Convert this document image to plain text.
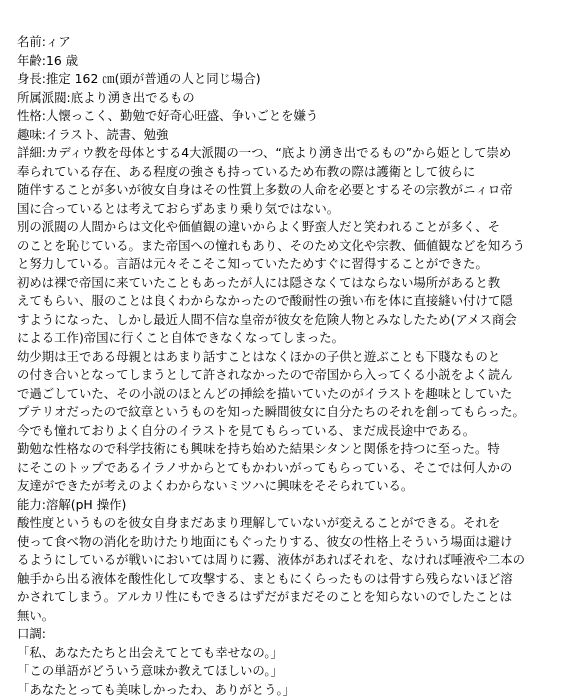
名前:ィア
年齢:16 歳
身長:推定 162 ㎝(頭が普通の人と同じ場合)
所属派閥:底より湧き出でるもの
性格:人懐っこく、勤勉で好奇心旺盛、争いごとを嫌う
趣味:イラスト、読書、勉強
詳細:カディウ教を母体とする4大派閥の一つ、“底より湧き出でるもの”から姫として崇め
奉られている存在、ある程度の強さも持っているため布教の際は護衛として彼らに
随伴することが多いが彼女自身はその性質上多数の人命を必要とするその宗教がニィロ帝
国に合っているとは考えておらずあまり乗り気ではない。
別の派閥の人間からは文化や価値観の違いからよく野蛮人だと笑われることが多く、そ
のことを恥じている。また帝国への憧れもあり、そのため文化や宗教、価値観などを知ろう
と努力している。言語は元々そこそこ知っていたためすぐに習得することができた。
初めは裸で帝国に来ていたこともあったが人には隠さなくてはならない場所があると教
えてもらい、服のことは良くわからなかったので酸耐性の強い布を体に直接縫い付けて隠
すようになった、しかし最近人間不信な皇帝が彼女を危険人物とみなしたため(アメス商会
による工作)帝国に行くこと自体できなくなってしまった。
幼少期は王である母親とはあまり話すことはなくほかの子供と遊ぶことも下賤なものと
の付き合いとなってしまうとして許されなかったので帝国から入ってくる小説をよく読ん
で過ごしていた、その小説のほとんどの挿絵を描いていたのがイラストを趣味としていた
プテリオだったので紋章というものを知った瞬間彼女に自分たちのそれを創ってもらった。
今でも憧れておりよく自分のイラストを見てもらっている、まだ成長途中である。
勤勉な性格なので科学技術にも興味を持ち始めた結果シタンと関係を持つに至った。特
にそこのトップであるイラノサからとてもかわいがってもらっている、そこでは何人かの
友達ができたが考えのよくわからないミツハに興味をそそられている。
能力:溶解(pH 操作)
酸性度というものを彼女自身まだあまり理解していないが変えることができる。それを
使って食べ物の消化を助けたり地面にもぐったりする、彼女の性格上そういう場面は避け
るようにしているが戦いにおいては周りに霧、液体があればそれを、なければ唾液や二本の
触手から出る液体を酸性化して攻撃する、まともにくらったものは骨すら残らないほど溶
かされてしまう。アルカリ性にもできるはずだがまだそのことを知らないのでしたことは
無い。
口調:
「私、あなたたちと出会えてとても幸せなの。」
「この単語がどういう意味か教えてほしいの。」
「あなたとっても美味しかったわ、ありがとう。」
